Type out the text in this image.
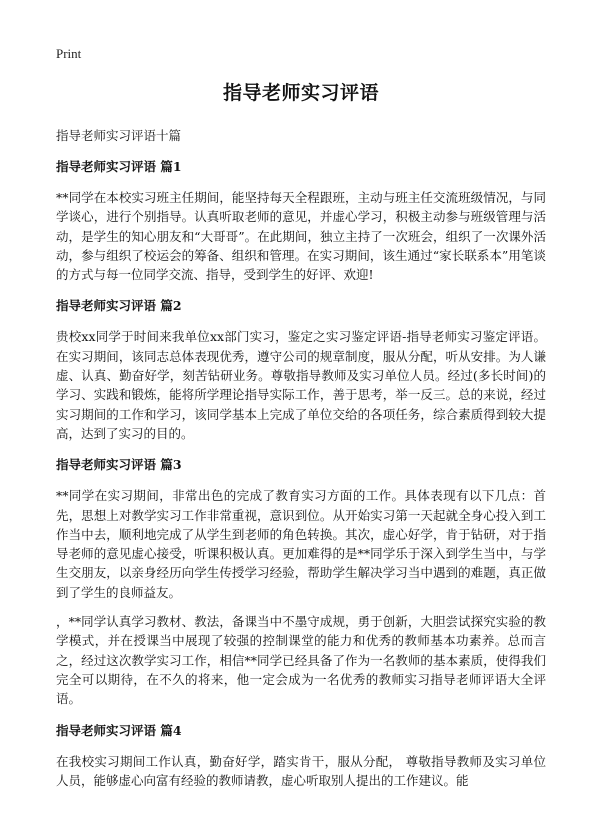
Print
指导老师实习评语

指导老师实习评语十篇

指导老师实习评语 篇1

**同学在本校实习班主任期间，能坚持每天全程跟班，主动与班主任交流班级情况，与同学谈心，进行个别指导。认真听取老师的意见，并虚心学习，积极主动参与班级管理与活动，是学生的知心朋友和“大哥哥”。在此期间，独立主持了一次班会，组织了一次课外活动，参与组织了校运会的筹备、组织和管理。在实习期间，该生通过“家长联系本”用笔谈的方式与每一位同学交流、指导，受到学生的好评、欢迎!

指导老师实习评语 篇2

贵校xx同学于时间来我单位xx部门实习，鉴定之实习鉴定评语-指导老师实习鉴定评语。在实习期间，该同志总体表现优秀，遵守公司的规章制度，服从分配，听从安排。为人谦虚、认真、勤奋好学，刻苦钻研业务。尊敬指导教师及实习单位人员。经过(多长时间)的学习、实践和锻炼，能将所学理论指导实际工作，善于思考，举一反三。总的来说，经过实习期间的工作和学习，该同学基本上完成了单位交给的各项任务，综合素质得到较大提高，达到了实习的目的。

指导老师实习评语 篇3

**同学在实习期间，非常出色的完成了教育实习方面的工作。具体表现有以下几点：首先，思想上对教学实习工作非常重视，意识到位。从开始实习第一天起就全身心投入到工作当中去，顺利地完成了从学生到老师的角色转换。其次，虚心好学，肯于钻研，对于指导老师的意见虚心接受，听课积极认真。更加难得的是**同学乐于深入到学生当中，与学生交朋友，以亲身经历向学生传授学习经验，帮助学生解决学习当中遇到的难题，真正做到了学生的良师益友。

，**同学认真学习教材、教法，备课当中不墨守成规，勇于创新，大胆尝试探究实验的教学模式，并在授课当中展现了较强的控制课堂的能力和优秀的教师基本功素养。总而言之，经过这次教学实习工作，相信**同学已经具备了作为一名教师的基本素质，使得我们完全可以期待，在不久的将来，他一定会成为一名优秀的教师实习指导老师评语大全评语。

指导老师实习评语 篇4

在我校实习期间工作认真，勤奋好学，踏实肯干，服从分配， 尊敬指导教师及实习单位人员，能够虚心向富有经验的教师请教，虚心听取别人提出的工作建议。能
